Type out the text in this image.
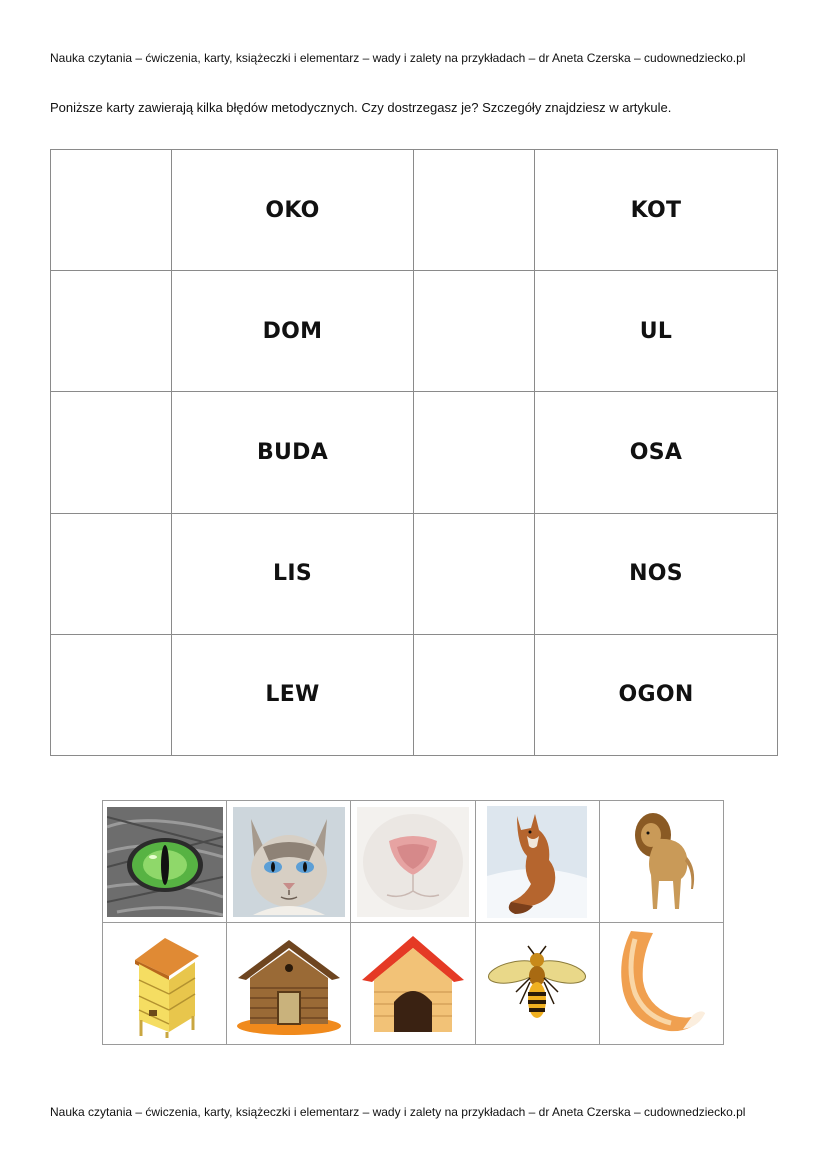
Nauka czytania – ćwiczenia, karty, książeczki i elementarz – wady i zalety na przykładach – dr Aneta Czerska – cudownedziecko.pl
Poniższe karty zawierają kilka błędów metodycznych. Czy dostrzegasz je? Szczegóły znajdziesz w artykule.
	OKO		KOT
	DOM		UL
	BUDA		OSA
	LIS		NOS
	LEW		OGON

Nauka czytania – ćwiczenia, karty, książeczki i elementarz – wady i zalety na przykładach – dr Aneta Czerska – cudownedziecko.pl
